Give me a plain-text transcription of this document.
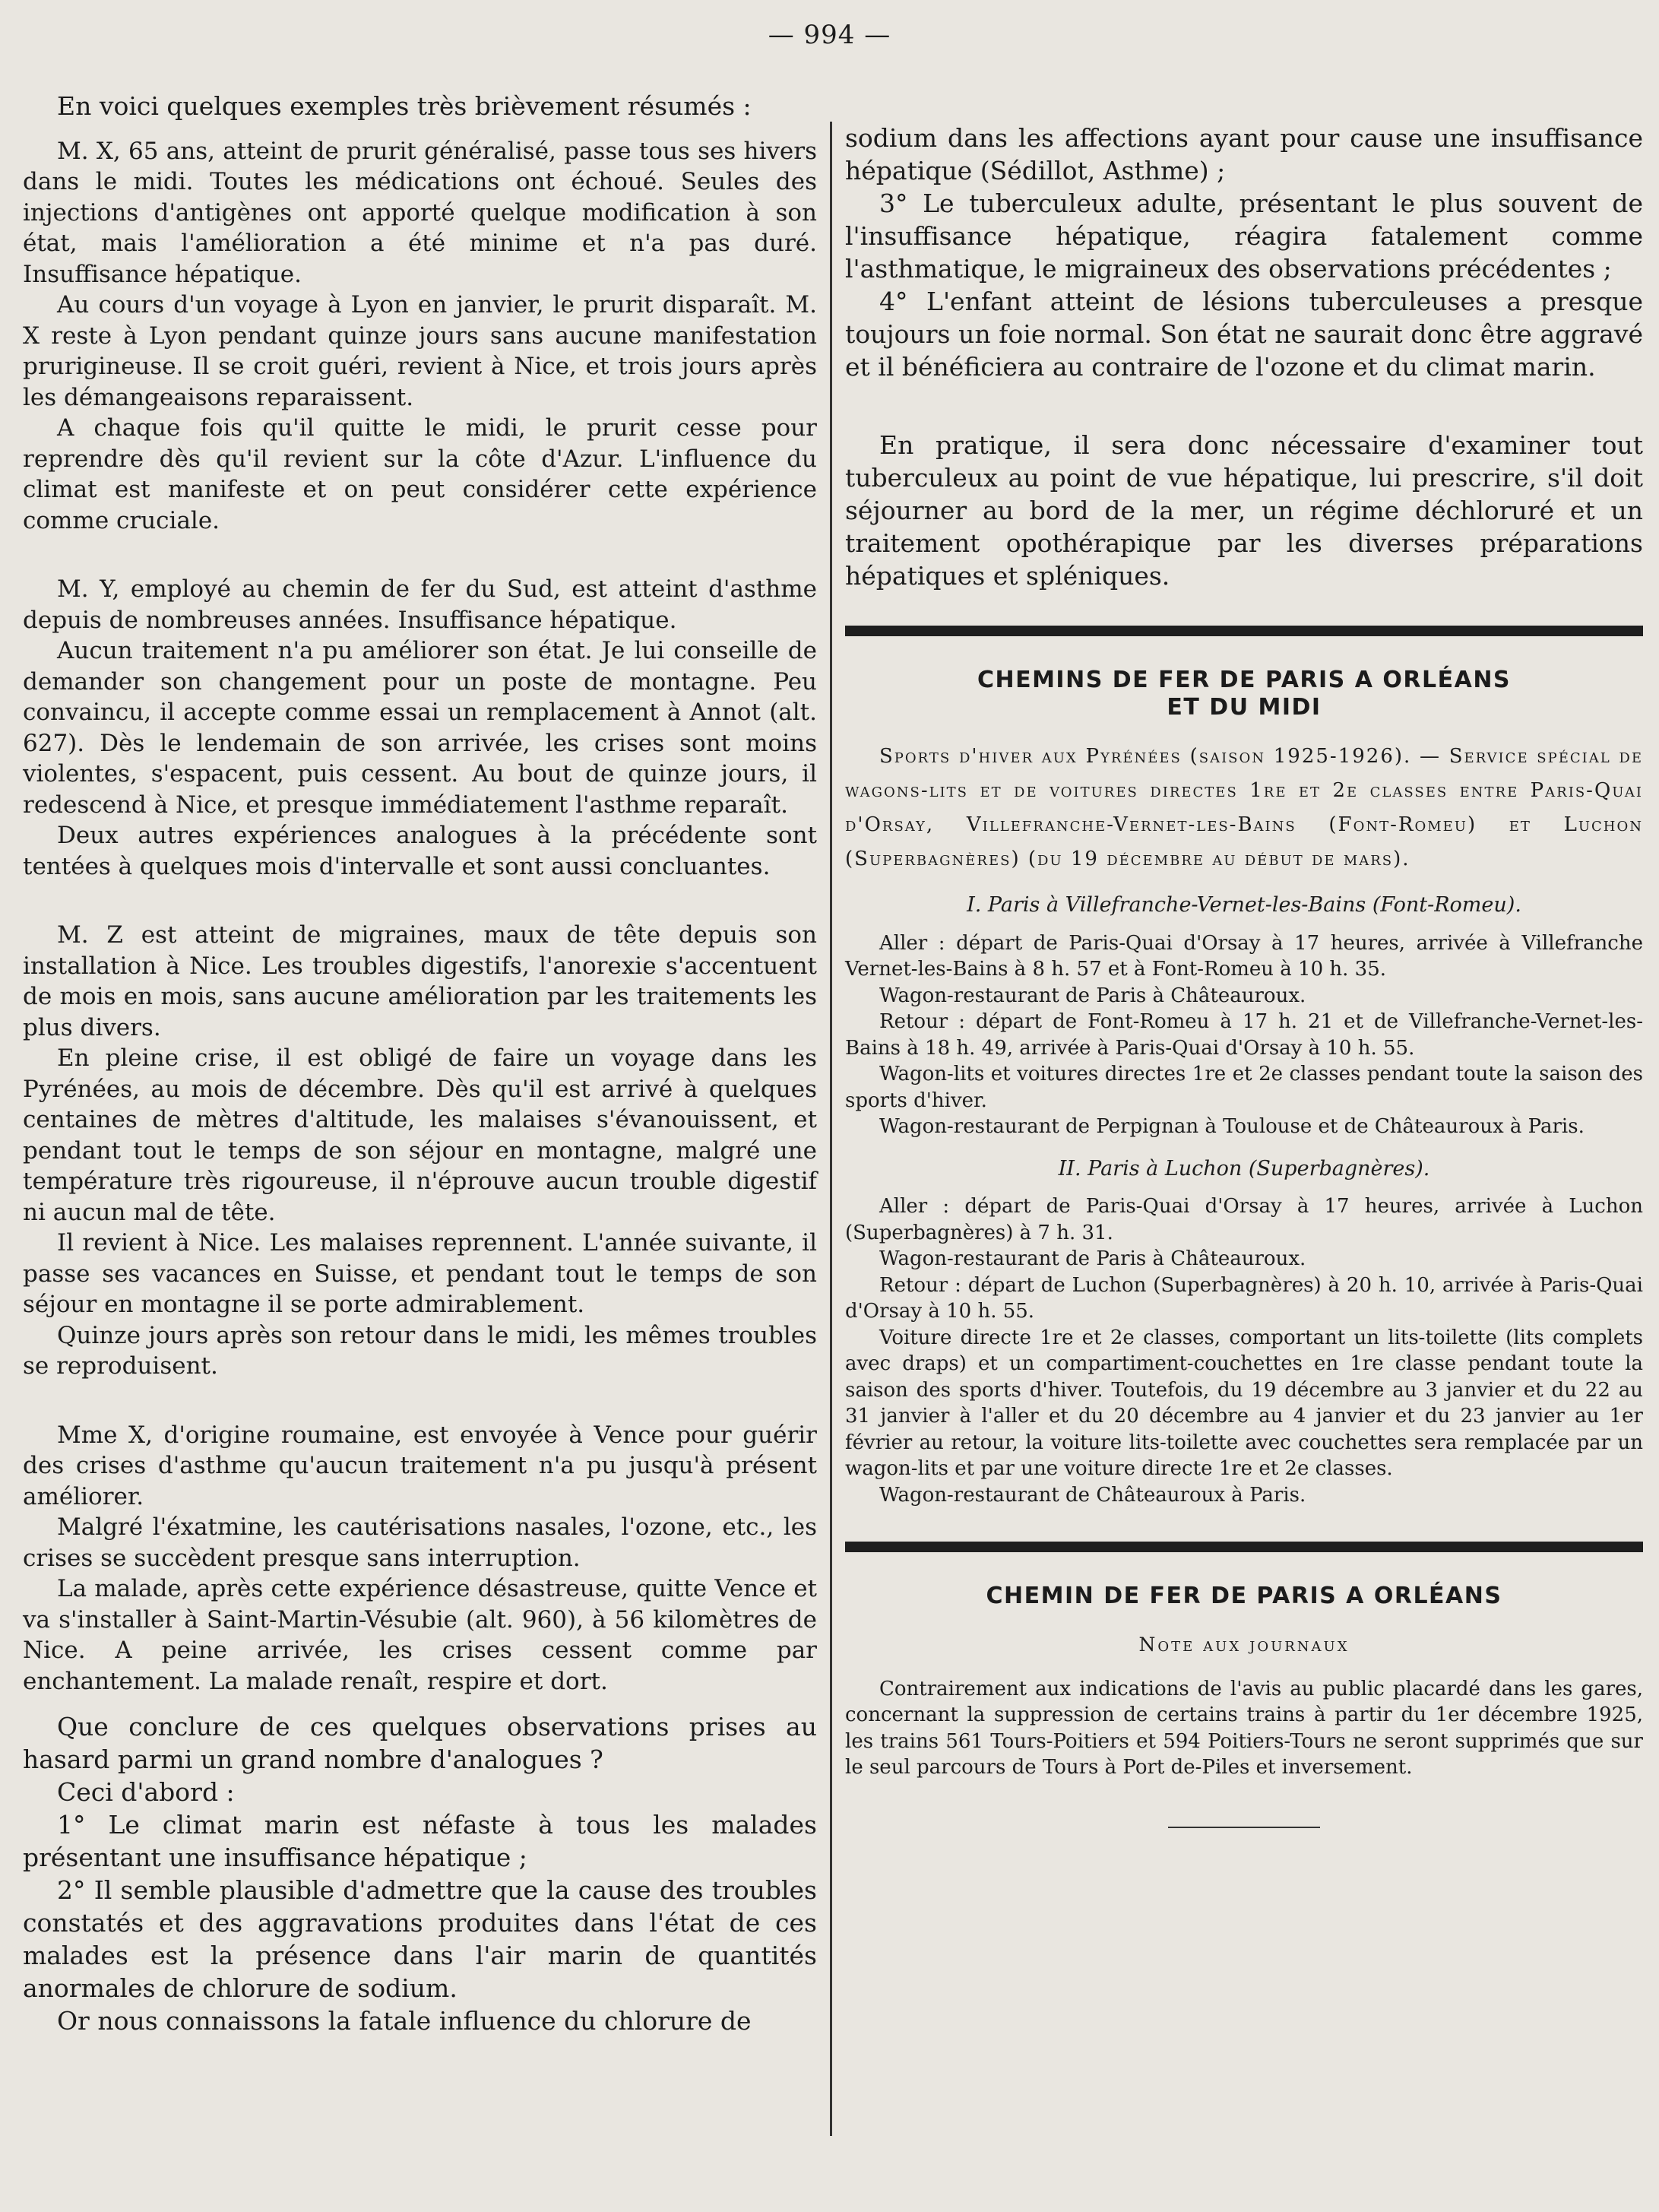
— 994 —

En voici quelques exemples très brièvement résumés :

M. X, 65 ans, atteint de prurit généralisé, passe tous ses hivers dans le midi. Toutes les médications ont échoué. Seules des injections d'antigènes ont apporté quelque modification à son état, mais l'amélioration a été minime et n'a pas duré. Insuffisance hépatique.

Au cours d'un voyage à Lyon en janvier, le prurit disparaît. M. X reste à Lyon pendant quinze jours sans aucune manifestation prurigineuse. Il se croit guéri, revient à Nice, et trois jours après les démangeaisons reparaissent.

A chaque fois qu'il quitte le midi, le prurit cesse pour reprendre dès qu'il revient sur la côte d'Azur. L'influence du climat est manifeste et on peut considérer cette expérience comme cruciale.

M. Y, employé au chemin de fer du Sud, est atteint d'asthme depuis de nombreuses années. Insuffisance hépatique.

Aucun traitement n'a pu améliorer son état. Je lui conseille de demander son changement pour un poste de montagne. Peu convaincu, il accepte comme essai un remplacement à Annot (alt. 627). Dès le lendemain de son arrivée, les crises sont moins violentes, s'espacent, puis cessent. Au bout de quinze jours, il redescend à Nice, et presque immédiatement l'asthme reparaît.

Deux autres expériences analogues à la précédente sont tentées à quelques mois d'intervalle et sont aussi concluantes.

M. Z est atteint de migraines, maux de tête depuis son installation à Nice. Les troubles digestifs, l'anorexie s'accentuent de mois en mois, sans aucune amélioration par les traitements les plus divers.

En pleine crise, il est obligé de faire un voyage dans les Pyrénées, au mois de décembre. Dès qu'il est arrivé à quelques centaines de mètres d'altitude, les malaises s'évanouissent, et pendant tout le temps de son séjour en montagne, malgré une température très rigoureuse, il n'éprouve aucun trouble digestif ni aucun mal de tête.

Il revient à Nice. Les malaises reprennent. L'année suivante, il passe ses vacances en Suisse, et pendant tout le temps de son séjour en montagne il se porte admirablement.

Quinze jours après son retour dans le midi, les mêmes troubles se reproduisent.

Mme X, d'origine roumaine, est envoyée à Vence pour guérir des crises d'asthme qu'aucun traitement n'a pu jusqu'à présent améliorer.

Malgré l'éxatmine, les cautérisations nasales, l'ozone, etc., les crises se succèdent presque sans interruption.

La malade, après cette expérience désastreuse, quitte Vence et va s'installer à Saint-Martin-Vésubie (alt. 960), à 56 kilomètres de Nice. A peine arrivée, les crises cessent comme par enchantement. La malade renaît, respire et dort.

Que conclure de ces quelques observations prises au hasard parmi un grand nombre d'analogues ?

Ceci d'abord :

1° Le climat marin est néfaste à tous les malades présentant une insuffisance hépatique ;

2° Il semble plausible d'admettre que la cause des troubles constatés et des aggravations produites dans l'état de ces malades est la présence dans l'air marin de quantités anormales de chlorure de sodium.

Or nous connaissons la fatale influence du chlorure de

sodium dans les affections ayant pour cause une insuffisance hépatique (Sédillot, Asthme) ;

3° Le tuberculeux adulte, présentant le plus souvent de l'insuffisance hépatique, réagira fatalement comme l'asthmatique, le migraineux des observations précédentes ;

4° L'enfant atteint de lésions tuberculeuses a presque toujours un foie normal. Son état ne saurait donc être aggravé et il bénéficiera au contraire de l'ozone et du climat marin.

En pratique, il sera donc nécessaire d'examiner tout tuberculeux au point de vue hépatique, lui prescrire, s'il doit séjourner au bord de la mer, un régime déchloruré et un traitement opothérapique par les diverses préparations hépatiques et spléniques.

CHEMINS DE FER DE PARIS A ORLÉANS
ET DU MIDI

Sports d'hiver aux Pyrénées (saison 1925-1926). — Service spécial de wagons-lits et de voitures directes 1re et 2e classes entre Paris-Quai d'Orsay, Villefranche-Vernet-les-Bains (Font-Romeu) et Luchon (Superbagnères) (du 19 décembre au début de mars).

I. Paris à Villefranche-Vernet-les-Bains (Font-Romeu).

Aller : départ de Paris-Quai d'Orsay à 17 heures, arrivée à Villefranche Vernet-les-Bains à 8 h. 57 et à Font-Romeu à 10 h. 35.

Wagon-restaurant de Paris à Châteauroux.

Retour : départ de Font-Romeu à 17 h. 21 et de Villefranche-Vernet-les-Bains à 18 h. 49, arrivée à Paris-Quai d'Orsay à 10 h. 55.

Wagon-lits et voitures directes 1re et 2e classes pendant toute la saison des sports d'hiver.

Wagon-restaurant de Perpignan à Toulouse et de Châteauroux à Paris.

II. Paris à Luchon (Superbagnères).

Aller : départ de Paris-Quai d'Orsay à 17 heures, arrivée à Luchon (Superbagnères) à 7 h. 31.

Wagon-restaurant de Paris à Châteauroux.

Retour : départ de Luchon (Superbagnères) à 20 h. 10, arrivée à Paris-Quai d'Orsay à 10 h. 55.

Voiture directe 1re et 2e classes, comportant un lits-toilette (lits complets avec draps) et un compartiment-couchettes en 1re classe pendant toute la saison des sports d'hiver. Toutefois, du 19 décembre au 3 janvier et du 22 au 31 janvier à l'aller et du 20 décembre au 4 janvier et du 23 janvier au 1er février au retour, la voiture lits-toilette avec couchettes sera remplacée par un wagon-lits et par une voiture directe 1re et 2e classes.

Wagon-restaurant de Châteauroux à Paris.

CHEMIN DE FER DE PARIS A ORLÉANS
Note aux journaux

Contrairement aux indications de l'avis au public placardé dans les gares, concernant la suppression de certains trains à partir du 1er décembre 1925, les trains 561 Tours-Poitiers et 594 Poitiers-Tours ne seront supprimés que sur le seul parcours de Tours à Port de-Piles et inversement.
